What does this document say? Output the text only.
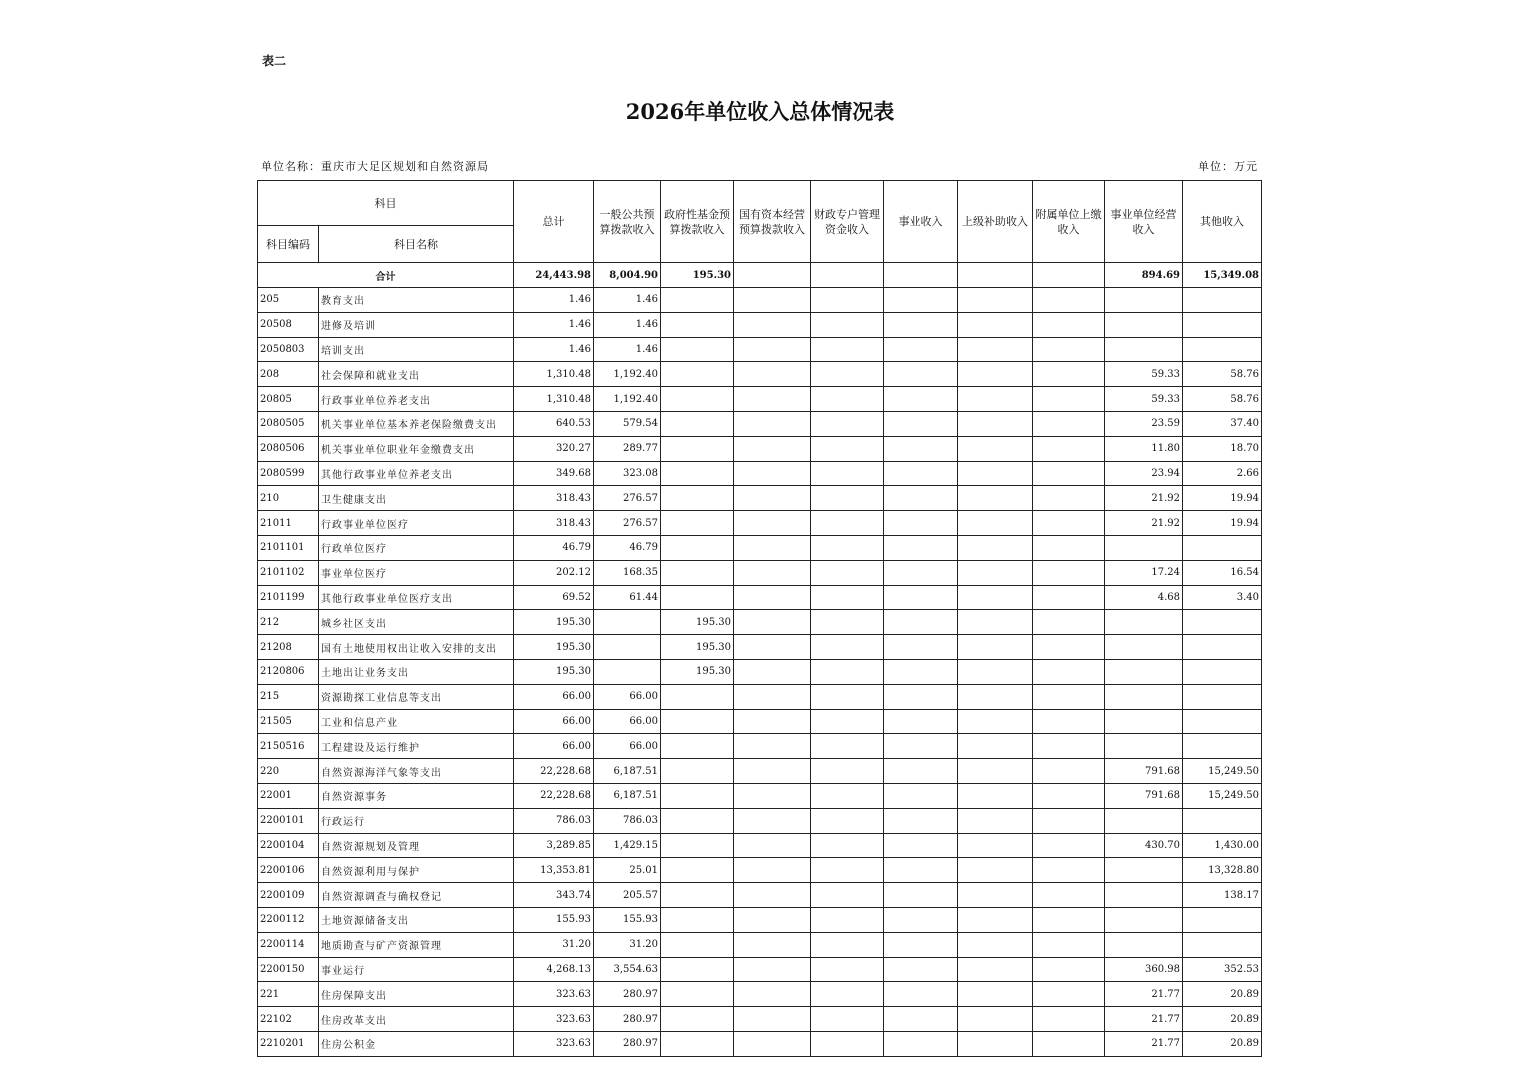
表二
2026年单位收入总体情况表
单位名称：重庆市大足区规划和自然资源局	单位：万元
科目		总计	一般公共预算拨款收入	政府性基金预算拨款收入	国有资本经营预算拨款收入	财政专户管理资金收入	事业收入	上级补助收入	附属单位上缴收入	事业单位经营收入	其他收入
科目编码	科目名称										
合计		24,443.98	8,004.90	195.30						894.69	15,349.08
205	教育支出	1.46	1.46								
20508	进修及培训	1.46	1.46								
2050803	培训支出	1.46	1.46								
208	社会保障和就业支出	1,310.48	1,192.40							59.33	58.76
20805	行政事业单位养老支出	1,310.48	1,192.40							59.33	58.76
2080505	机关事业单位基本养老保险缴费支出	640.53	579.54							23.59	37.40
2080506	机关事业单位职业年金缴费支出	320.27	289.77							11.80	18.70
2080599	其他行政事业单位养老支出	349.68	323.08							23.94	2.66
210	卫生健康支出	318.43	276.57							21.92	19.94
21011	行政事业单位医疗	318.43	276.57							21.92	19.94
2101101	行政单位医疗	46.79	46.79								
2101102	事业单位医疗	202.12	168.35							17.24	16.54
2101199	其他行政事业单位医疗支出	69.52	61.44							4.68	3.40
212	城乡社区支出	195.30		195.30							
21208	国有土地使用权出让收入安排的支出	195.30		195.30							
2120806	土地出让业务支出	195.30		195.30							
215	资源勘探工业信息等支出	66.00	66.00								
21505	工业和信息产业	66.00	66.00								
2150516	工程建设及运行维护	66.00	66.00								
220	自然资源海洋气象等支出	22,228.68	6,187.51							791.68	15,249.50
22001	自然资源事务	22,228.68	6,187.51							791.68	15,249.50
2200101	行政运行	786.03	786.03								
2200104	自然资源规划及管理	3,289.85	1,429.15							430.70	1,430.00
2200106	自然资源利用与保护	13,353.81	25.01								13,328.80
2200109	自然资源调查与确权登记	343.74	205.57								138.17
2200112	土地资源储备支出	155.93	155.93								
2200114	地质勘查与矿产资源管理	31.20	31.20								
2200150	事业运行	4,268.13	3,554.63							360.98	352.53
221	住房保障支出	323.63	280.97							21.77	20.89
22102	住房改革支出	323.63	280.97							21.77	20.89
2210201	住房公积金	323.63	280.97							21.77	20.89
